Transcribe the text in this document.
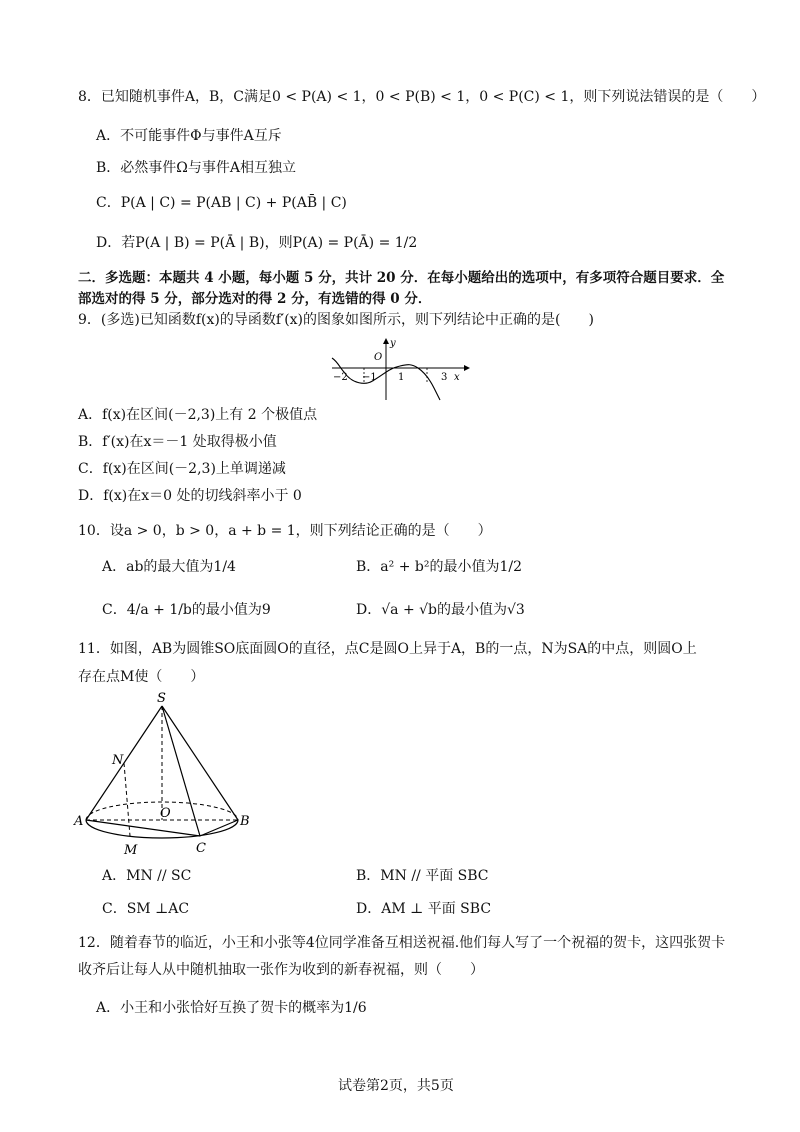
8．已知随机事件A，B，C满足0 < P(A) < 1，0 < P(B) < 1，0 < P(C) < 1，则下列说法错误的是（　　）
A．不可能事件Φ与事件A互斥
B．必然事件Ω与事件A相互独立
C．P(A | C) = P(AB | C) + P(AB̄ | C)
D．若P(A | B) = P(Ā | B)，则P(A) = P(Ā) = 1/2
二．多选题：本题共 4 小题，每小题 5 分，共计 20 分．在每小题给出的选项中，有多项符合题目要求．全
部选对的得 5 分，部分选对的得 2 分，有选错的得 0 分．
9．(多选)已知函数f(x)的导函数f′(x)的图象如图所示，则下列结论中正确的是(　　)
−2 −1 1	3 x
y
O
A．f(x)在区间(－2,3)上有 2 个极值点
B．f′(x)在x＝－1 处取得极小值
C．f(x)在区间(－2,3)上单调递减
D．f(x)在x＝0 处的切线斜率小于 0
10．设a > 0，b > 0，a + b = 1，则下列结论正确的是（　　）
A．ab的最大值为1/4	B．a² + b²的最小值为1/2
C．4/a + 1/b的最小值为9	D．√a + √b的最小值为√3
11．如图，AB为圆锥SO底面圆O的直径，点C是圆O上异于A，B的一点，N为SA的中点，则圆O上
存在点M使（　　）
S
N
O
A	B
M	C
A．MN // SC	B．MN // 平面 SBC
C．SM ⊥AC	D．AM ⊥ 平面 SBC
12．随着春节的临近，小王和小张等4位同学准备互相送祝福.他们每人写了一个祝福的贺卡，这四张贺卡
收齐后让每人从中随机抽取一张作为收到的新春祝福，则（　　）
A．小王和小张恰好互换了贺卡的概率为1/6
试卷第2页，共5页
